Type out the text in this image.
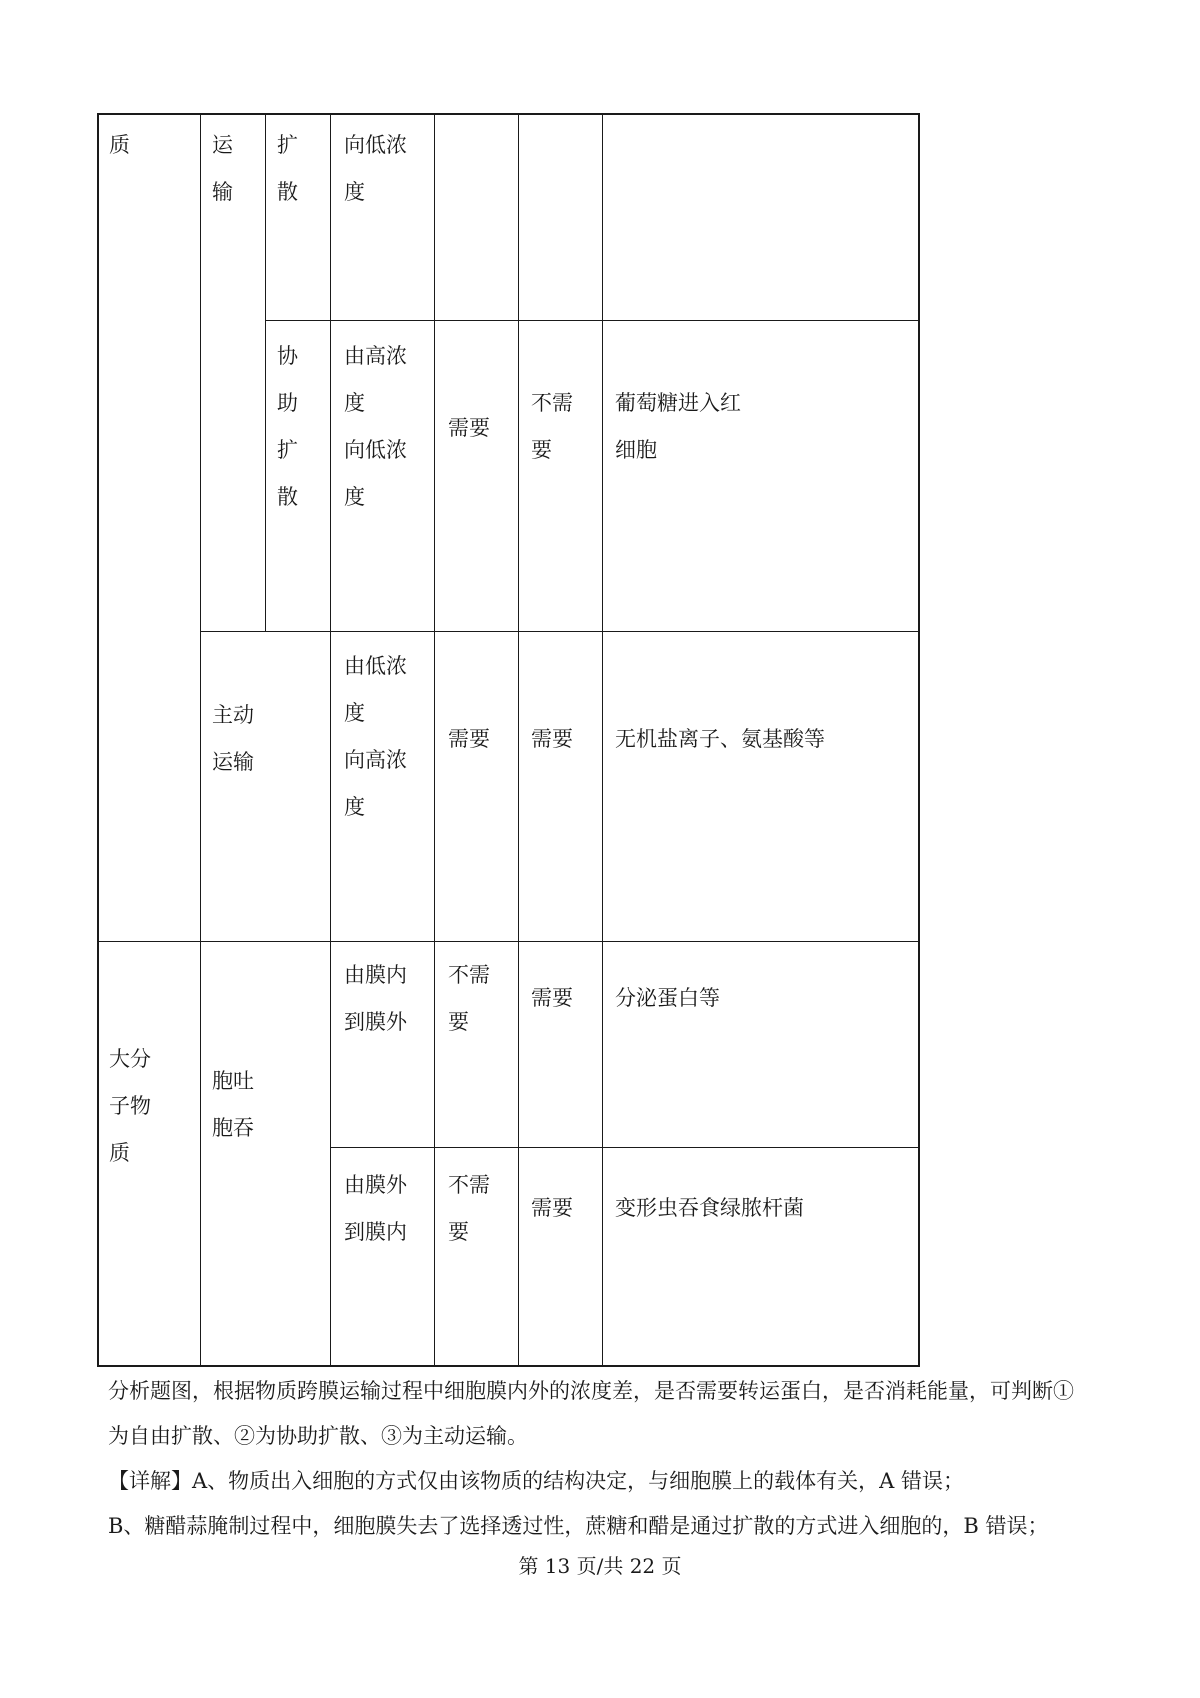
质	运
输
扩
散
向低浓
度
协
助
扩
散
由高浓
度
向低浓
度
需要
不需
要
葡萄糖进入红
细胞
主动
运输
由低浓
度
向高浓
度
需要 需要 无机盐离子、氨基酸等
大分
子物
质
胞吐
胞吞
由膜内
到膜外
不需
要
需要 分泌蛋白等
由膜外
到膜内
不需
要
需要 变形虫吞食绿脓杆菌
分析题图，根据物质跨膜运输过程中细胞膜内外的浓度差，是否需要转运蛋白，是否消耗能量，可判断①
为自由扩散、②为协助扩散、③为主动运输。
【详解】A、物质出入细胞的方式仅由该物质的结构决定，与细胞膜上的载体有关，A 错误；
B、糖醋蒜腌制过程中，细胞膜失去了选择透过性，蔗糖和醋是通过扩散的方式进入细胞的，B 错误；
第 13 页/共 22 页
